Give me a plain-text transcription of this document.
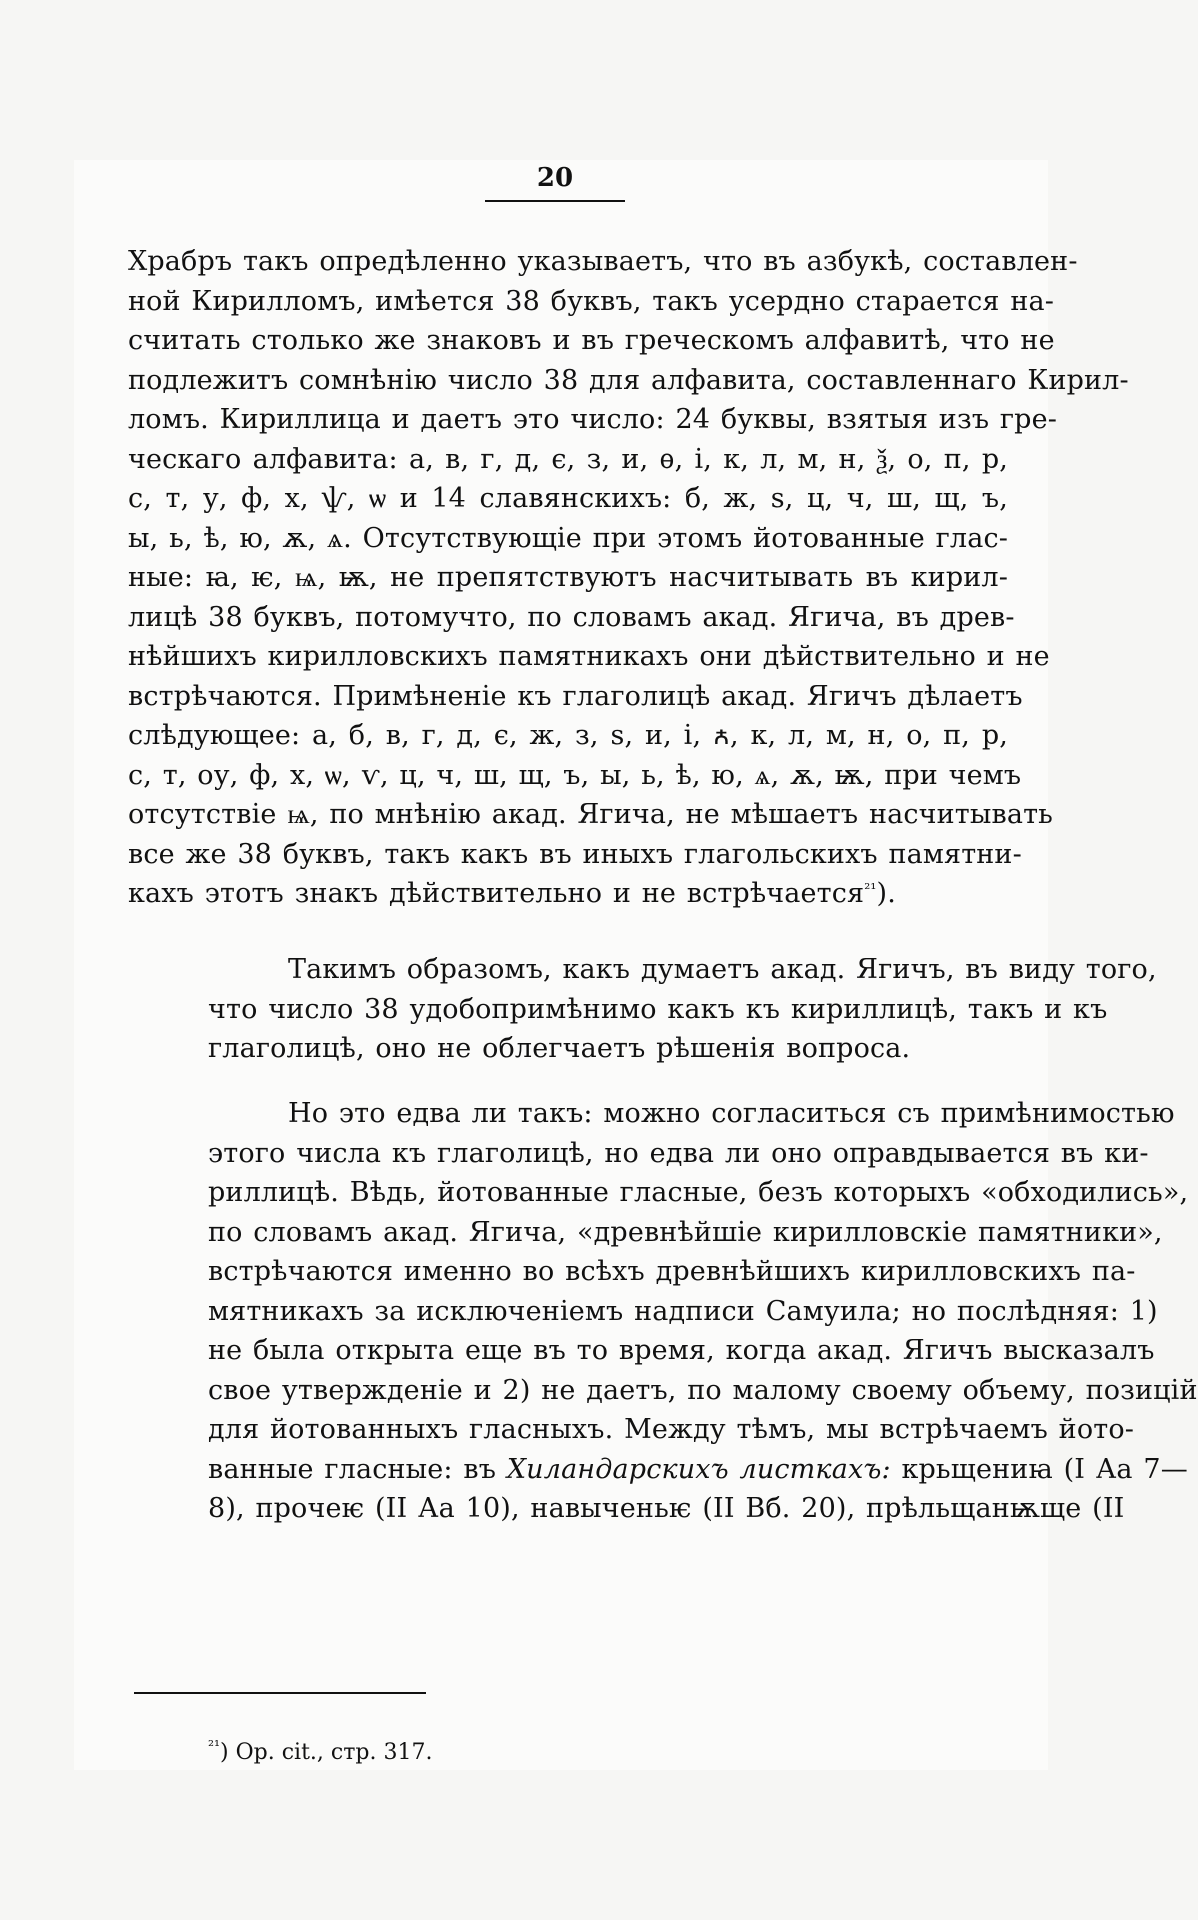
20
Храбръ такъ опредѣленно указываетъ, что въ азбукѣ, составлен-
ной Кирилломъ, имѣется 38 буквъ, такъ усердно старается на-
считать столько же знаковъ и въ греческомъ алфавитѣ, что не
подлежитъ сомнѣнію число 38 для алфавита, составленнаго Кирил-
ломъ. Кириллица и даетъ это число: 24 буквы, взятыя изъ гре-
ческаго алфавита: а, в, г, д, є, з, и, ѳ, і, к, л, м, н, ѯ, о, п, р,
с, т, у, ф, х, ѱ, ѡ и 14 славянскихъ: б, ж, ѕ, ц, ч, ш, щ, ъ,
ы, ь, ѣ, ю, ѫ, ѧ. Отсутствующіе при этомъ йотованные глас-
ные: ꙗ, ѥ, ѩ, ѭ, не препятствуютъ насчитывать въ кирил-
лицѣ 38 буквъ, потомучто, по словамъ акад. Ягича, въ древ-
нѣйшихъ кирилловскихъ памятникахъ они дѣйствительно и не
встрѣчаются. Примѣненіе къ глаголицѣ акад. Ягичъ дѣлаетъ
слѣдующее: а, б, в, г, д, є, ж, з, ѕ, и, і, ꙉ, к, л, м, н, о, п, р,
с, т, оу, ф, х, ѡ, ѵ, ц, ч, ш, щ, ъ, ы, ь, ѣ, ю, ѧ, ѫ, ѭ, при чемъ
отсутствіе ѩ, по мнѣнію акад. Ягича, не мѣшаетъ насчитывать
все же 38 буквъ, такъ какъ въ иныхъ глагольскихъ памятни-
кахъ этотъ знакъ дѣйствительно и не встрѣчается$^{^{21}}$).
Такимъ образомъ, какъ думаетъ акад. Ягичъ, въ виду того,
что число 38 удобопримѣнимо какъ къ кириллицѣ, такъ и къ
глаголицѣ, оно не облегчаетъ рѣшенія вопроса.
Но это едва ли такъ: можно согласиться съ примѣнимостью
этого числа къ глаголицѣ, но едва ли оно оправдывается въ ки-
риллицѣ. Вѣдь, йотованные гласные, безъ которыхъ «обходились»,
по словамъ акад. Ягича, «древнѣйшіе кирилловскіе памятники»,
встрѣчаются именно во всѣхъ древнѣйшихъ кирилловскихъ па-
мятникахъ за исключеніемъ надписи Самуила; но послѣдняя: 1)
не была открыта еще въ то время, когда акад. Ягичъ высказалъ
свое утвержденіе и 2) не даетъ, по малому своему объему, позицій
для йотованныхъ гласныхъ. Между тѣмъ, мы встрѣчаемъ йото-
ванные гласные: въ Хиландарскихъ листкахъ: крьщениꙗ (I Аа 7—
8), прочеѥ (II Аа 10), навыченьѥ (II Вб. 20), прѣльщанѭще (II
$^{^{21}}$) Op. cit., стр. 317.
